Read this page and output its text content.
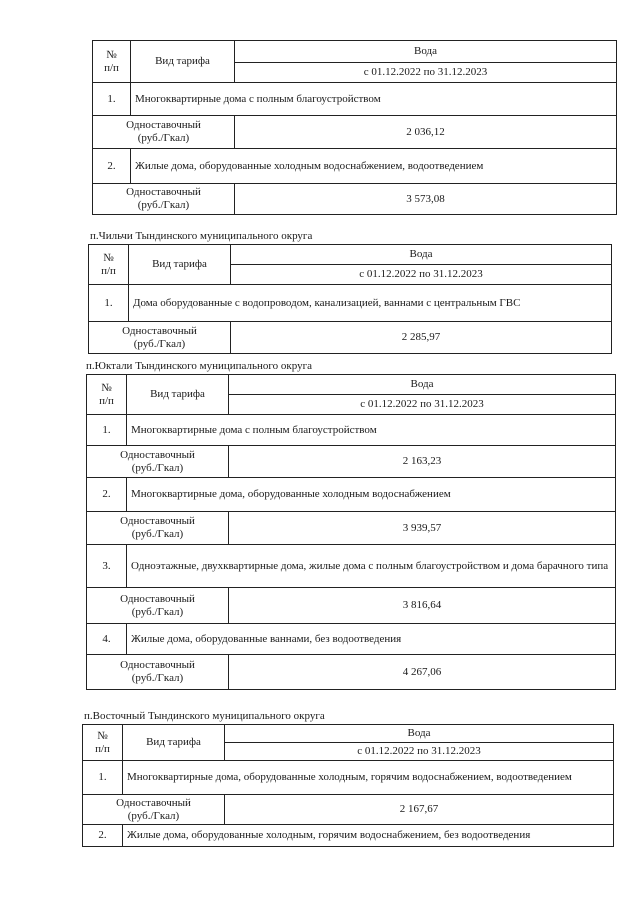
№
п/п	Вид тарифа	Вода
		с 01.12.2022 по 31.12.2023
1.	Многоквартирные дома с полным благоустройством	
Одноставочный
(руб./Гкал)		2 036,12
2.	Жилые дома, оборудованные холодным водоснабжением, водоотведением	
Одноставочный
(руб./Гкал)		3 573,08
п.Чильчи Тындинского муниципального округа
№
п/п	Вид тарифа	Вода
		с 01.12.2022 по 31.12.2023
1.	Дома оборудованные с водопроводом, канализацией, ваннами с центральным ГВС	
Одноставочный
(руб./Гкал)		2 285,97
п.Юктали Тындинского муниципального округа
№
п/п	Вид тарифа	Вода
		с 01.12.2022 по 31.12.2023
1.	Многоквартирные дома с полным благоустройством	
Одноставочный
(руб./Гкал)		2 163,23
2.	Многоквартирные дома, оборудованные холодным водоснабжением	
Одноставочный
(руб./Гкал)		3 939,57
3.	Одноэтажные, двухквартирные дома, жилые дома с полным благоустройством и дома барачного типа	
Одноставочный
(руб./Гкал)		3 816,64
4.	Жилые дома, оборудованные ваннами, без водоотведения	
Одноставочный
(руб./Гкал)		4 267,06
п.Восточный Тындинского муниципального округа
№
п/п	Вид тарифа	Вода
		с 01.12.2022 по 31.12.2023
1.	Многоквартирные дома, оборудованные холодным, горячим водоснабжением, водоотведением	
Одноставочный
(руб./Гкал)		2 167,67
2.	Жилые дома, оборудованные холодным, горячим водоснабжением, без водоотведения	
